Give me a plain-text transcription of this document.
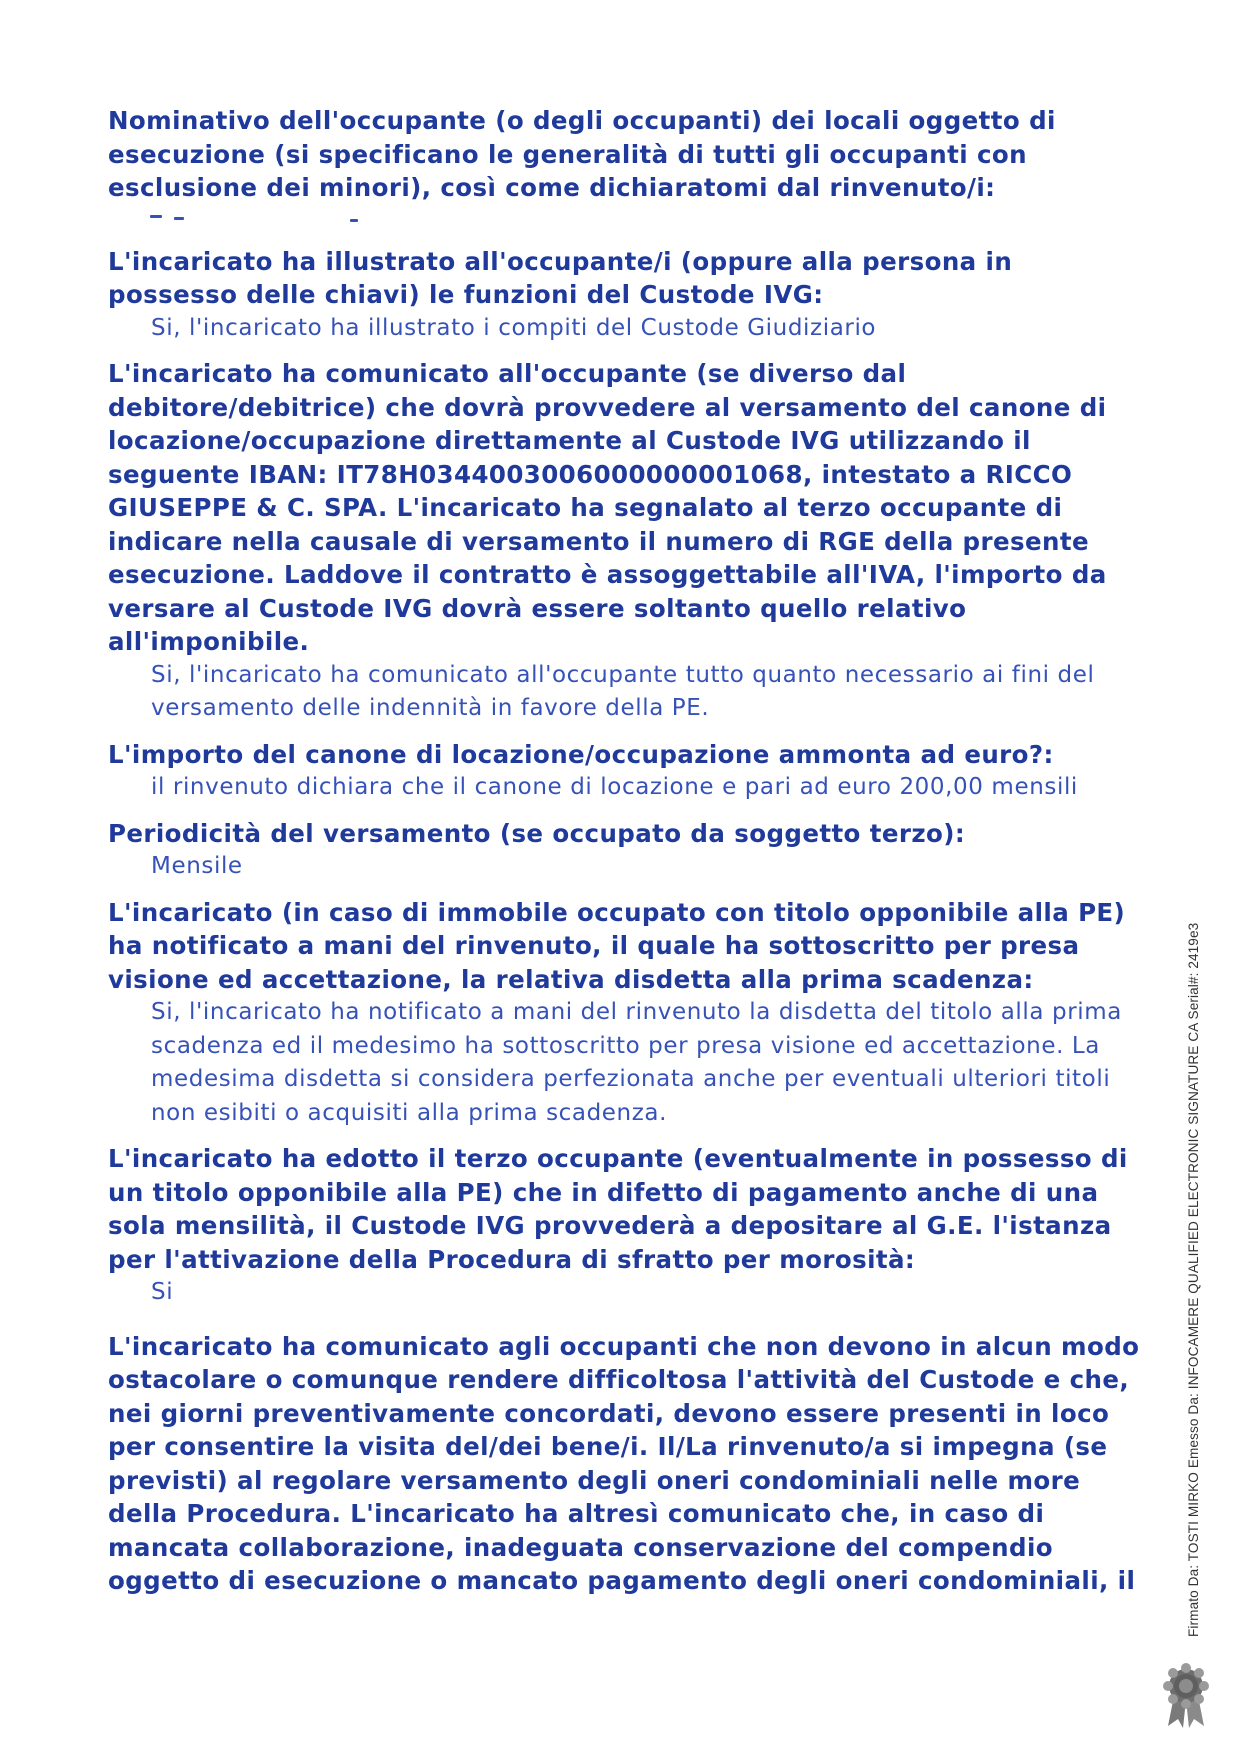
Nominativo dell'occupante (o degli occupanti) dei locali oggetto di esecuzione (si specificano le generalità di tutti gli occupanti con esclusione dei minori), così come dichiaratomi dal rinvenuto/i:

L'incaricato ha illustrato all'occupante/i (oppure alla persona in possesso delle chiavi) le funzioni del Custode IVG:

Si, l'incaricato ha illustrato i compiti del Custode Giudiziario

L'incaricato ha comunicato all'occupante (se diverso dal debitore/debitrice) che dovrà provvedere al versamento del canone di locazione/occupazione direttamente al Custode IVG utilizzando il seguente IBAN: IT78H0344003006000000001068, intestato a RICCO GIUSEPPE & C. SPA. L'incaricato ha segnalato al terzo occupante di indicare nella causale di versamento il numero di RGE della presente esecuzione. Laddove il contratto è assoggettabile all'IVA, l'importo da versare al Custode IVG dovrà essere soltanto quello relativo all'imponibile.

Si, l'incaricato ha comunicato all'occupante tutto quanto necessario ai fini del versamento delle indennità in favore della PE.

L'importo del canone di locazione/occupazione ammonta ad euro?:

il rinvenuto dichiara che il canone di locazione e pari ad euro 200,00 mensili

Periodicità del versamento (se occupato da soggetto terzo):

Mensile

L'incaricato (in caso di immobile occupato con titolo opponibile alla PE) ha notificato a mani del rinvenuto, il quale ha sottoscritto per presa visione ed accettazione, la relativa disdetta alla prima scadenza:

Si, l'incaricato ha notificato a mani del rinvenuto la disdetta del titolo alla prima scadenza ed il medesimo ha sottoscritto per presa visione ed accettazione. La medesima disdetta si considera perfezionata anche per eventuali ulteriori titoli non esibiti o acquisiti alla prima scadenza.

L'incaricato ha edotto il terzo occupante (eventualmente in possesso di un titolo opponibile alla PE) che in difetto di pagamento anche di una sola mensilità, il Custode IVG provvederà a depositare al G.E. l'istanza per l'attivazione della Procedura di sfratto per morosità:

Si

L'incaricato ha comunicato agli occupanti che non devono in alcun modo ostacolare o comunque rendere difficoltosa l'attività del Custode e che, nei giorni preventivamente concordati, devono essere presenti in loco per consentire la visita del/dei bene/i. Il/La rinvenuto/a si impegna (se previsti) al regolare versamento degli oneri condominiali nelle more della Procedura. L'incaricato ha altresì comunicato che, in caso di mancata collaborazione, inadeguata conservazione del compendio oggetto di esecuzione o mancato pagamento degli oneri condominiali, il	Firmato Da: TOSTI MIRKO Emesso Da: INFOCAMERE QUALIFIED ELECTRONIC SIGNATURE CA Serial#: 2419e3
